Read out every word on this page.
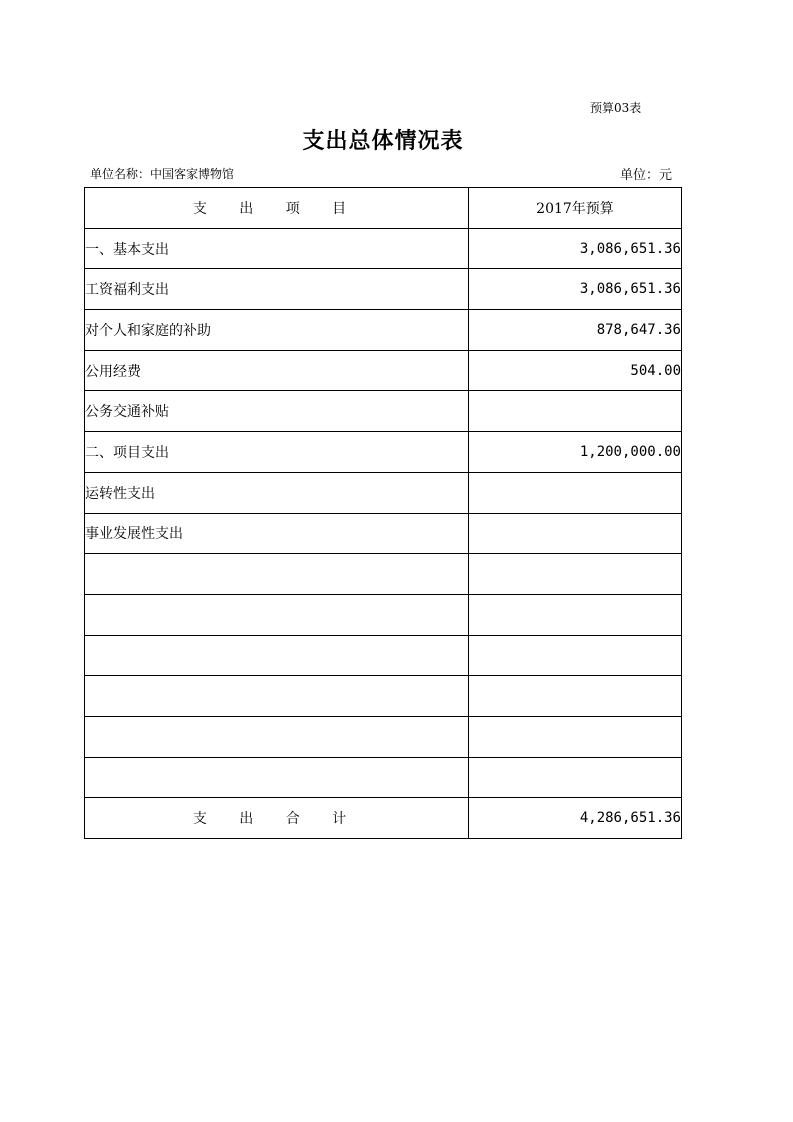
预算03表
支出总体情况表
单位名称：中国客家博物馆	单位：元
支 出 项 目	2017年预算
一、基本支出	3,086,651.36
工资福利支出	3,086,651.36
对个人和家庭的补助	878,647.36
公用经费	504.00
公务交通补贴	
二、项目支出	1,200,000.00
运转性支出	
事业发展性支出	

支 出 合 计	4,286,651.36
